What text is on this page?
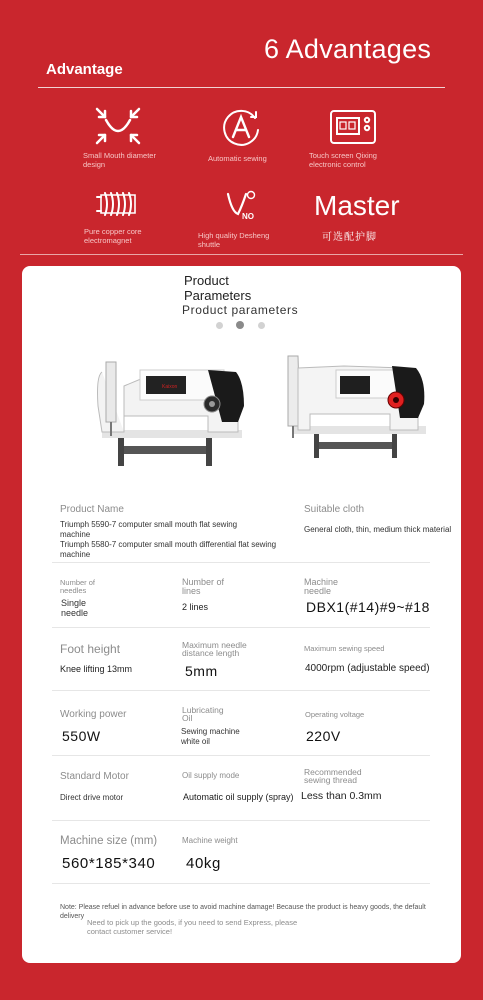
6 Advantages
Advantage
Small Mouth diameter design
Automatic sewing	Touch screen Qixing electronic control
Pure copper core electromagnet
NO
High quality Desheng shuttle
Master
可选配护脚
Product Parameters
Product parameters
Kaixon
Product Name
Triumph 5590-7 computer small mouth flat sewing machine
Triumph 5580-7 computer small mouth differential flat sewing machine
Suitable cloth
General cloth, thin, medium thick material
Number of needles
Single needle
Number of lines
2 lines
Machine needle
DBX1(#14)#9~#18
Foot height
Knee lifting 13mm
Maximum needle distance length
5mm
Maximum sewing speed
4000rpm (adjustable speed)
Working power
550W
Lubricating Oil
Sewing machine white oil
Operating voltage
220V
Standard Motor
Direct drive motor
Oil supply mode
Automatic oil supply (spray)
Recommended sewing thread
Less than 0.3mm
Machine size (mm)
560*185*340
Machine weight
40kg
Note: Please refuel in advance before use to avoid machine damage! Because the product is heavy goods, the default delivery
Need to pick up the goods, if you need to send Express, please contact customer service!
